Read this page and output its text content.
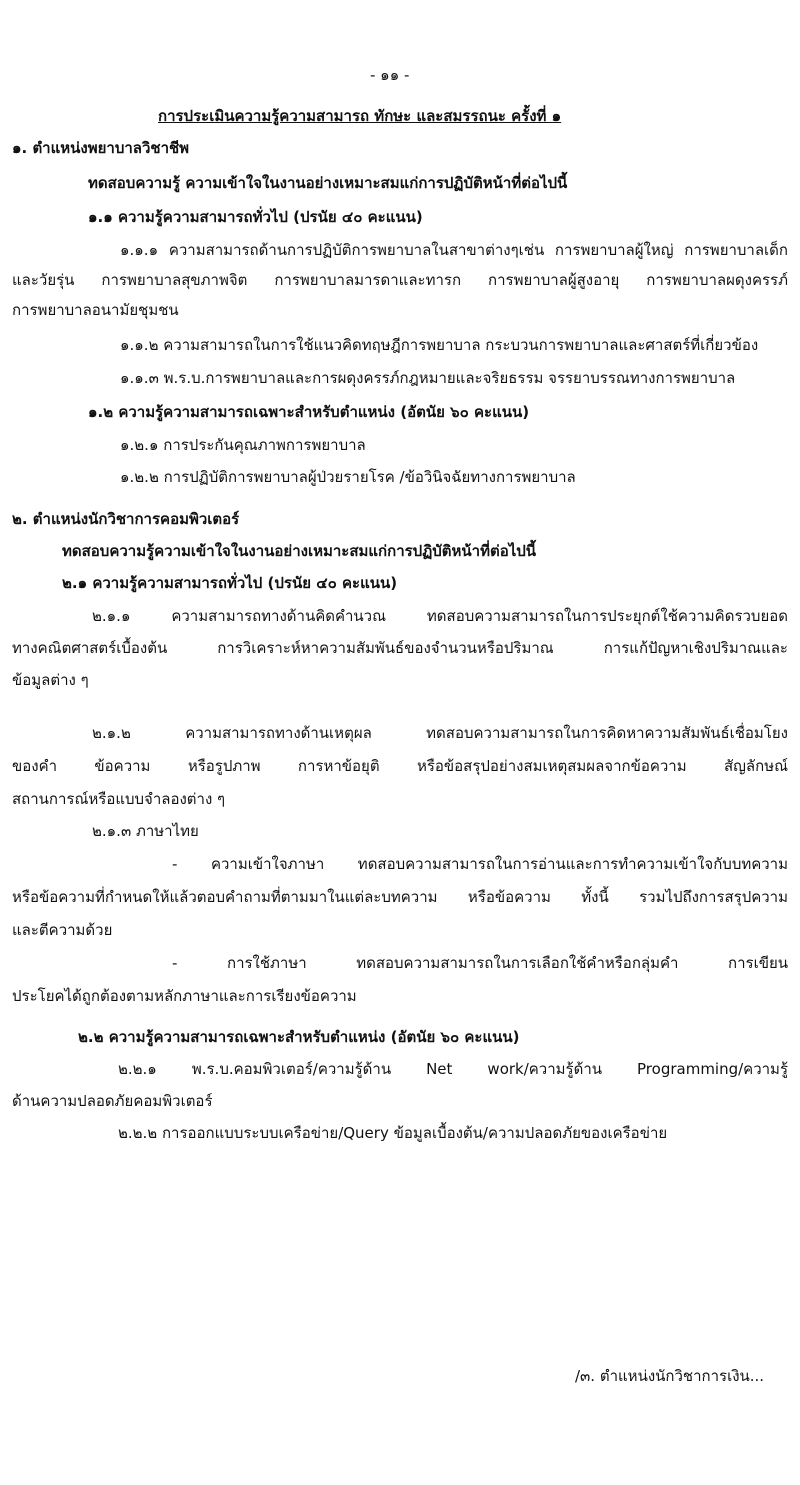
- ๑๑ -
การประเมินความรู้ความสามารถ ทักษะ และสมรรถนะ ครั้งที่ ๑
๑. ตำแหน่งพยาบาลวิชาชีพ
ทดสอบความรู้ ความเข้าใจในงานอย่างเหมาะสมแก่การปฏิบัติหน้าที่ต่อไปนี้
๑.๑ ความรู้ความสามารถทั่วไป (ปรนัย ๔๐ คะแนน)
๑.๑.๑ ความสามารถด้านการปฏิบัติการพยาบาลในสาขาต่างๆเช่น การพยาบาลผู้ใหญ่ การพยาบาลเด็ก
และวัยรุ่น การพยาบาลสุขภาพจิต การพยาบาลมารดาและทารก การพยาบาลผู้สูงอายุ การพยาบาลผดุงครรภ์
การพยาบาลอนามัยชุมชน
๑.๑.๒ ความสามารถในการใช้แนวคิดทฤษฎีการพยาบาล กระบวนการพยาบาลและศาสตร์ที่เกี่ยวข้อง
๑.๑.๓ พ.ร.บ.การพยาบาลและการผดุงครรภ์กฎหมายและจริยธรรม จรรยาบรรณทางการพยาบาล
๑.๒ ความรู้ความสามารถเฉพาะสำหรับตำแหน่ง (อัตนัย ๖๐ คะแนน)
๑.๒.๑ การประกันคุณภาพการพยาบาล
๑.๒.๒ การปฏิบัติการพยาบาลผู้ป่วยรายโรค /ข้อวินิจฉัยทางการพยาบาล
๒. ตำแหน่งนักวิชาการคอมพิวเตอร์
ทดสอบความรู้ความเข้าใจในงานอย่างเหมาะสมแก่การปฏิบัติหน้าที่ต่อไปนี้
๒.๑ ความรู้ความสามารถทั่วไป (ปรนัย ๔๐ คะแนน)
๒.๑.๑ ความสามารถทางด้านคิดคำนวณ ทดสอบความสามารถในการประยุกต์ใช้ความคิดรวบยอด
ทางคณิตศาสตร์เบื้องต้น การวิเคราะห์หาความสัมพันธ์ของจำนวนหรือปริมาณ การแก้ปัญหาเชิงปริมาณและ
ข้อมูลต่าง ๆ
๒.๑.๒ ความสามารถทางด้านเหตุผล ทดสอบความสามารถในการคิดหาความสัมพันธ์เชื่อมโยง
ของคำ ข้อความ หรือรูปภาพ การหาข้อยุติ หรือข้อสรุปอย่างสมเหตุสมผลจากข้อความ สัญลักษณ์
สถานการณ์หรือแบบจำลองต่าง ๆ
๒.๑.๓ ภาษาไทย
- ความเข้าใจภาษา ทดสอบความสามารถในการอ่านและการทำความเข้าใจกับบทความ
หรือข้อความที่กำหนดให้แล้วตอบคำถามที่ตามมาในแต่ละบทความ หรือข้อความ ทั้งนี้ รวมไปถึงการสรุปความ
และตีความด้วย
- การใช้ภาษา ทดสอบความสามารถในการเลือกใช้คำหรือกลุ่มคำ การเขียน
ประโยคได้ถูกต้องตามหลักภาษาและการเรียงข้อความ
๒.๒ ความรู้ความสามารถเฉพาะสำหรับตำแหน่ง (อัตนัย ๖๐ คะแนน)
๒.๒.๑ พ.ร.บ.คอมพิวเตอร์/ความรู้ด้าน Net work/ความรู้ด้าน Programming/ความรู้
ด้านความปลอดภัยคอมพิวเตอร์
๒.๒.๒ การออกแบบระบบเครือข่าย/Query ข้อมูลเบื้องต้น/ความปลอดภัยของเครือข่าย
/๓. ตำแหน่งนักวิชาการเงิน...
